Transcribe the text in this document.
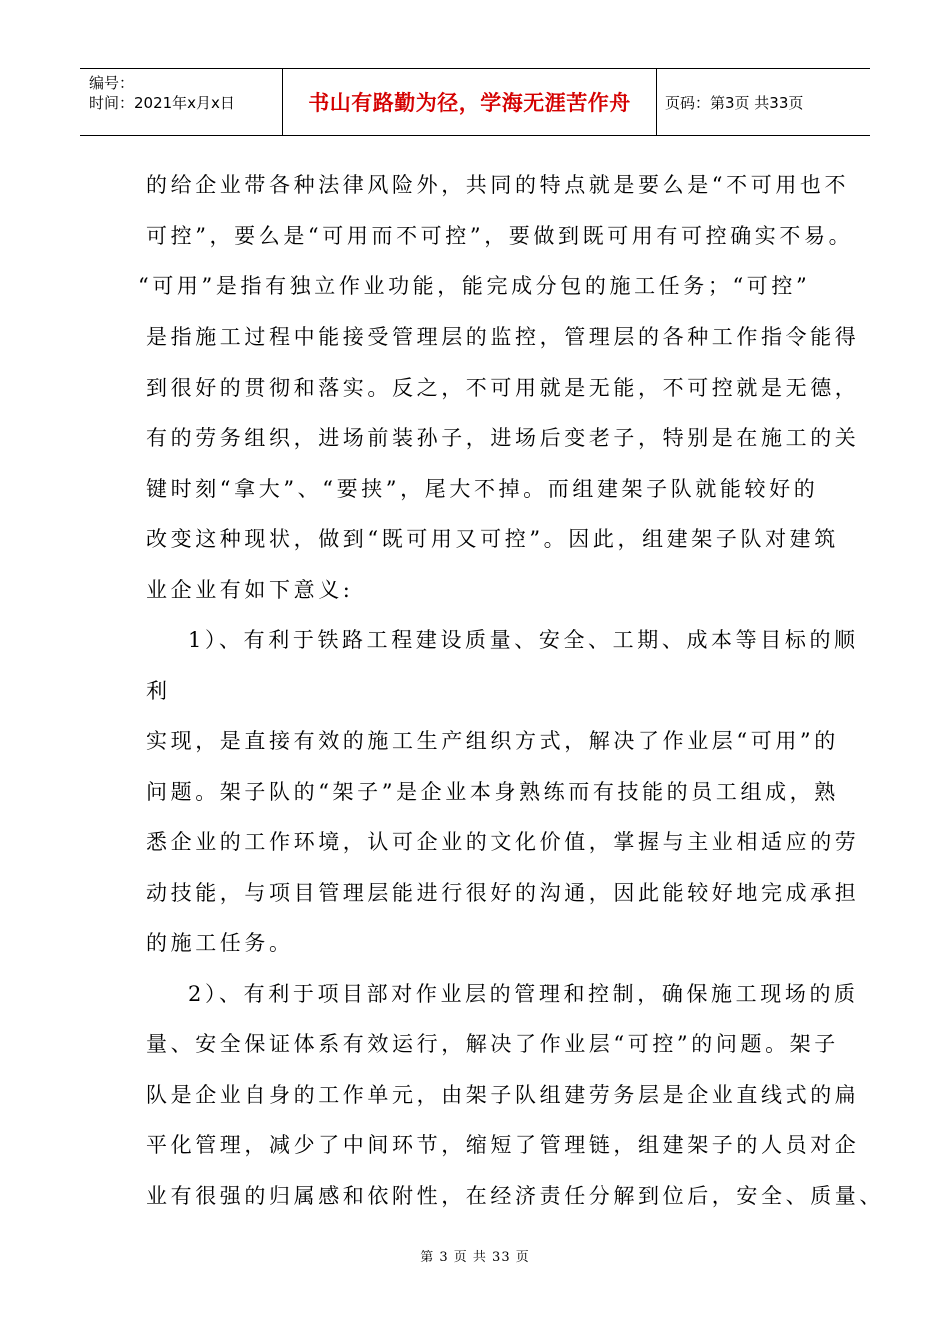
编号：
时间：2021年x月x日	书山有路勤为径，学海无涯苦作舟	页码：第3页 共33页
的给企业带各种法律风险外，共同的特点就是要么是“不可用也不
可控”，要么是“可用而不可控”，要做到既可用有可控确实不易。
“可用”是指有独立作业功能，能完成分包的施工任务；“可控”
是指施工过程中能接受管理层的监控，管理层的各种工作指令能得
到很好的贯彻和落实。反之，不可用就是无能，不可控就是无德，
有的劳务组织，进场前装孙子，进场后变老子，特别是在施工的关
键时刻“拿大”、“要挟”，尾大不掉。而组建架子队就能较好的
改变这种现状，做到“既可用又可控”。因此，组建架子队对建筑
业企业有如下意义:
1）、有利于铁路工程建设质量、安全、工期、成本等目标的顺
利
实现，是直接有效的施工生产组织方式，解决了作业层“可用”的
问题。架子队的“架子”是企业本身熟练而有技能的员工组成，熟
悉企业的工作环境，认可企业的文化价值，掌握与主业相适应的劳
动技能，与项目管理层能进行很好的沟通，因此能较好地完成承担
的施工任务。
2）、有利于项目部对作业层的管理和控制，确保施工现场的质
量、安全保证体系有效运行，解决了作业层“可控”的问题。架子
队是企业自身的工作单元，由架子队组建劳务层是企业直线式的扁
平化管理，减少了中间环节，缩短了管理链，组建架子的人员对企
业有很强的归属感和依附性，在经济责任分解到位后，安全、质量、
第 3 页 共 33 页
